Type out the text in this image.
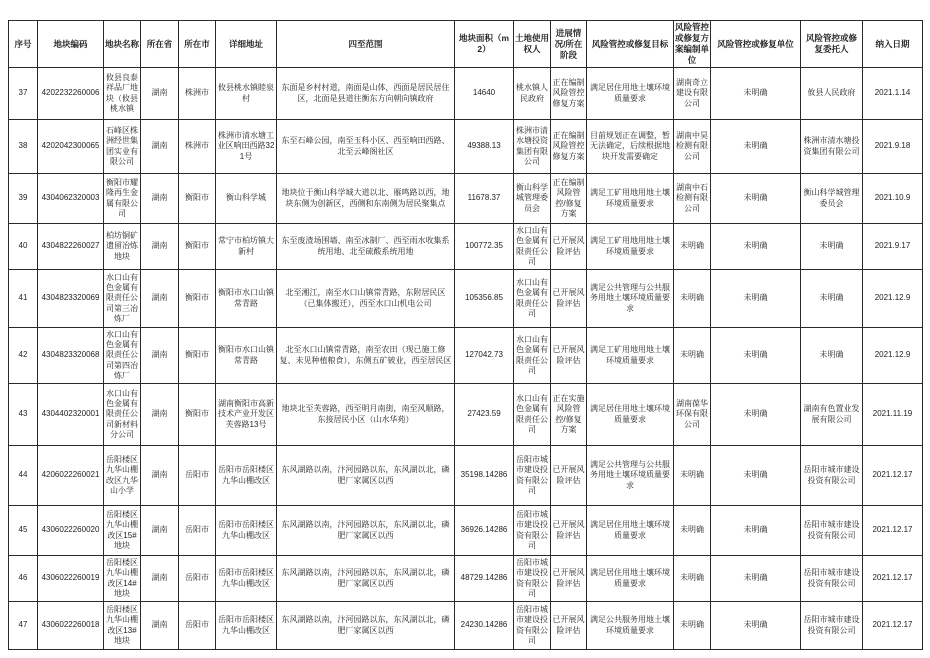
序号	地块编码	地块名称	所在省	所在市	详细地址	四至范围	地块面积（m2）	土地使用权人	进展情况/所在阶段	风险管控或修复目标	风险管控或修复方案编制单位	风险管控或修复单位	风险管控或修复委托人	纳入日期
37	4202232260006	攸县良泰祥品厂地块（攸县桃水镇	湖南	株洲市	攸县桃水镇睦泉村	东面是乡村村道，南面是山体，西面是居民居住区，北面是县道往衡东方向朝向镇政府	14640	桃水镇人民政府	正在编制风险管控修复方案	满足居住用地土壤环境质量要求	湖南奇立建设有限公司	未明确	攸县人民政府	2021.1.14
38	4202042300065	石峰区株洲经世集团实业有限公司	湖南	株洲市	株洲市清水塘工业区响田西路321号	东至石峰公园，南至玉科小区、西至响田西路、北至云峰阁社区	49388.13	株洲市清水塘投资集团有限公司	正在编制风险管控修复方案	目前规划正在调整，暂无法确定，后续根据地块开发需要确定	湖南中昊检测有限公司	未明确	株洲市清水塘投资集团有限公司	2021.9.18
39	4304062320003	衡阳市耀隆再生金属有限公司	湖南	衡阳市	衡山科学城	地块位于衡山科学城大道以北、雁鸣路以西，地块东侧为创新区，西侧和东南侧为居民聚集点	11678.37	衡山科学城管理委员会	正在编制风险管控/修复方案	满足工矿用地用地土壤环境质量要求	湖南中石检测有限公司	未明确	衡山科学城管理委员会	2021.10.9
40	4304822260027	柏坊铜矿遗留冶炼地块	湖南	衡阳市	常宁市柏坊镇大新村	东至废渣场围墙、南至冰制厂、西至雨水收集系统用地、北至硫酸系统用地	100772.35	水口山有色金属有限责任公司	已开展风险评估	满足工矿用地用地土壤环境质量要求	未明确	未明确	未明确	2021.9.17
41	4304823320069	水口山有色金属有限责任公司第三冶炼厂	湖南	衡阳市	衡阳市水口山镇常青路	北至湘江，南至水口山镇常青路，东附居民区（已集体搬迁），西至水口山机电公司	105356.85	水口山有色金属有限责任公司	已开展风险评估	满足公共管理与公共服务用地土壤环境质量要求	未明确	未明确	未明确	2021.12.9
42	4304823320068	水口山有色金属有限责任公司第四冶炼厂	湖南	衡阳市	衡阳市水口山镇常青路	北至水口山镇常青路，南至农田（现已施工修复、未见种植粮食），东侧五矿铍业，西至居民区	127042.73	水口山有色金属有限责任公司	已开展风险评估	满足工矿用地用地土壤环境质量要求	未明确	未明确	未明确	2021.12.9
43	4304402320001	水口山有色金属有限责任公司新材料分公司	湖南	衡阳市	湖南衡阳市高新技术产业开发区芙蓉路13号	地块北至芙蓉路，西至明月南街，南至风顺路，东接居民小区（山水华苑）	27423.59	水口山有色金属有限责任公司	正在实施风险管控/修复方案	满足居住用地土壤环境质量要求	湖南葆华环保有限公司	未明确	湖南有色置业发展有限公司	2021.11.19
44	4206022260021	岳阳楼区九华山棚改区九华山小学	湖南	岳阳市	岳阳市岳阳楼区九华山棚改区	东风湖路以南，汴河园路以东，东风湖以北，磷肥厂家属区以西	35198.14286	岳阳市城市建设投资有限公司	已开展风险评估	满足公共管理与公共服务用地土壤环境质量要求	未明确	未明确	岳阳市城市建设投资有限公司	2021.12.17
45	4306022260020	岳阳楼区九华山棚改区15#地块	湖南	岳阳市	岳阳市岳阳楼区九华山棚改区	东风湖路以南，汴河园路以东，东风湖以北，磷肥厂家属区以西	36926.14286	岳阳市城市建设投资有限公司	已开展风险评估	满足居住用地土壤环境质量要求	未明确	未明确	岳阳市城市建设投资有限公司	2021.12.17
46	4306022260019	岳阳楼区九华山棚改区14#地块	湖南	岳阳市	岳阳市岳阳楼区九华山棚改区	东风湖路以南，汴河园路以东，东风湖以北，磷肥厂家属区以西	48729.14286	岳阳市城市建设投资有限公司	已开展风险评估	满足居住用地土壤环境质量要求	未明确	未明确	岳阳市城市建设投资有限公司	2021.12.17
47	4306022260018	岳阳楼区九华山棚改区13#地块	湖南	岳阳市	岳阳市岳阳楼区九华山棚改区	东风湖路以南，汴河园路以东，东风湖以北，磷肥厂家属区以西	24230.14286	岳阳市城市建设投资有限公司	已开展风险评估	满足公共服务用地土壤环境质量要求	未明确	未明确	岳阳市城市建设投资有限公司	2021.12.17
